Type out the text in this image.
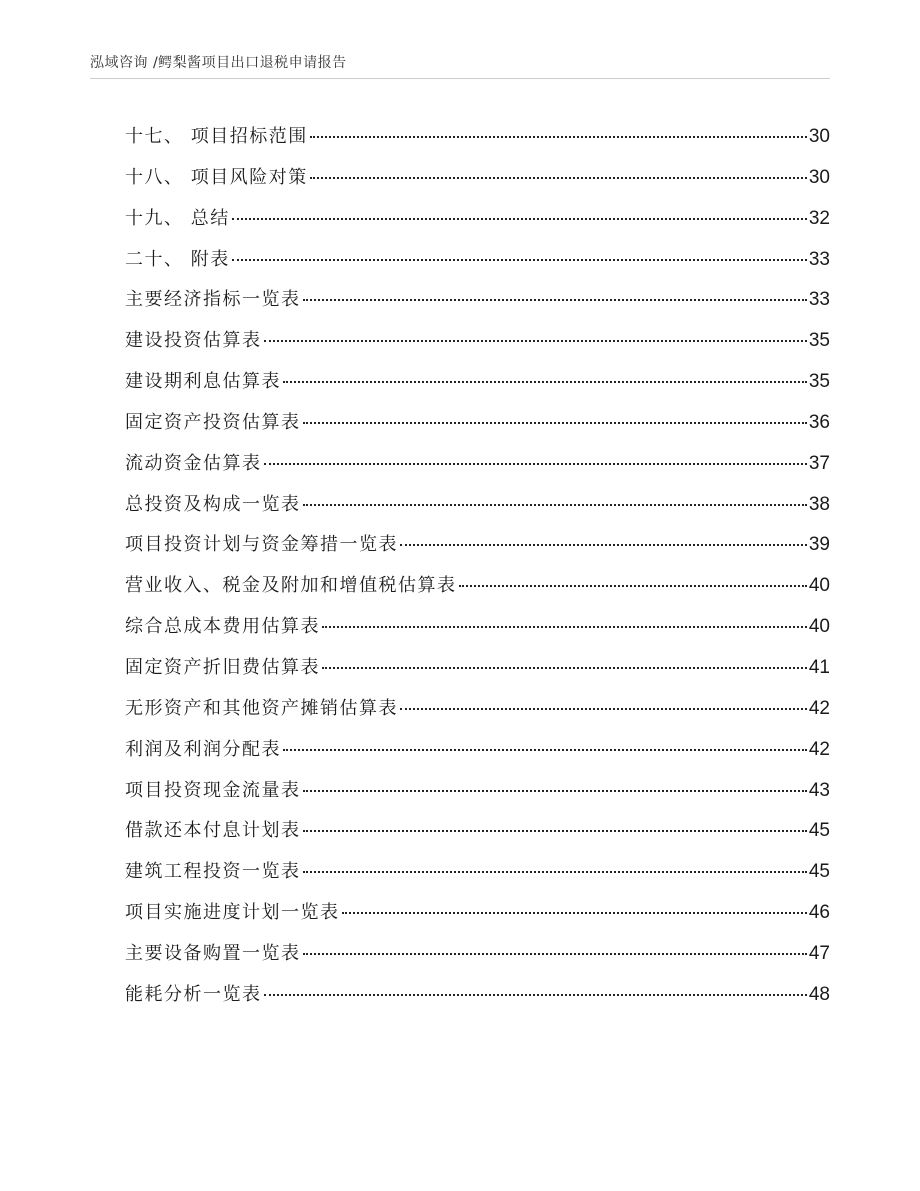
泓域咨询 /鳄梨酱项目出口退税申请报告
十七、 项目招标范围	30
十八、 项目风险对策	30
十九、 总结	32
二十、 附表	33
主要经济指标一览表	33
建设投资估算表	35
建设期利息估算表	35
固定资产投资估算表	36
流动资金估算表	37
总投资及构成一览表	38
项目投资计划与资金筹措一览表	39
营业收入、税金及附加和增值税估算表	40
综合总成本费用估算表	40
固定资产折旧费估算表	41
无形资产和其他资产摊销估算表	42
利润及利润分配表	42
项目投资现金流量表	43
借款还本付息计划表	45
建筑工程投资一览表	45
项目实施进度计划一览表	46
主要设备购置一览表	47
能耗分析一览表	48
